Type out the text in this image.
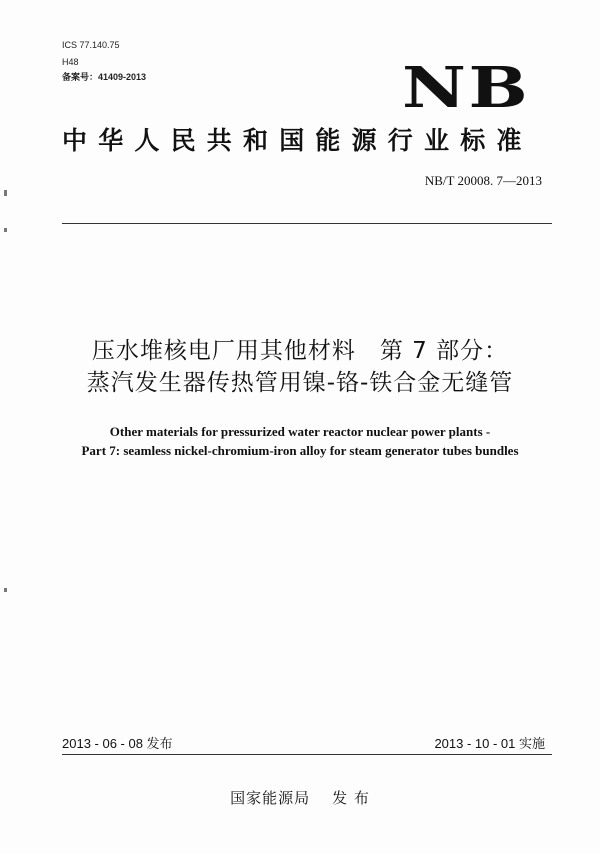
ICS 77.140.75
H48
备案号：41409-2013	NB
中华人民共和国能源行业标准
NB/T 20008. 7—2013
压水堆核电厂用其他材料　第 7 部分：
蒸汽发生器传热管用镍-铬-铁合金无缝管
Other materials for pressurized water reactor nuclear power plants -
Part 7: seamless nickel-chromium-iron alloy for steam generator tubes bundles
2013 - 06 - 08 发布	2013 - 10 - 01 实施
国家能源局 发 布
